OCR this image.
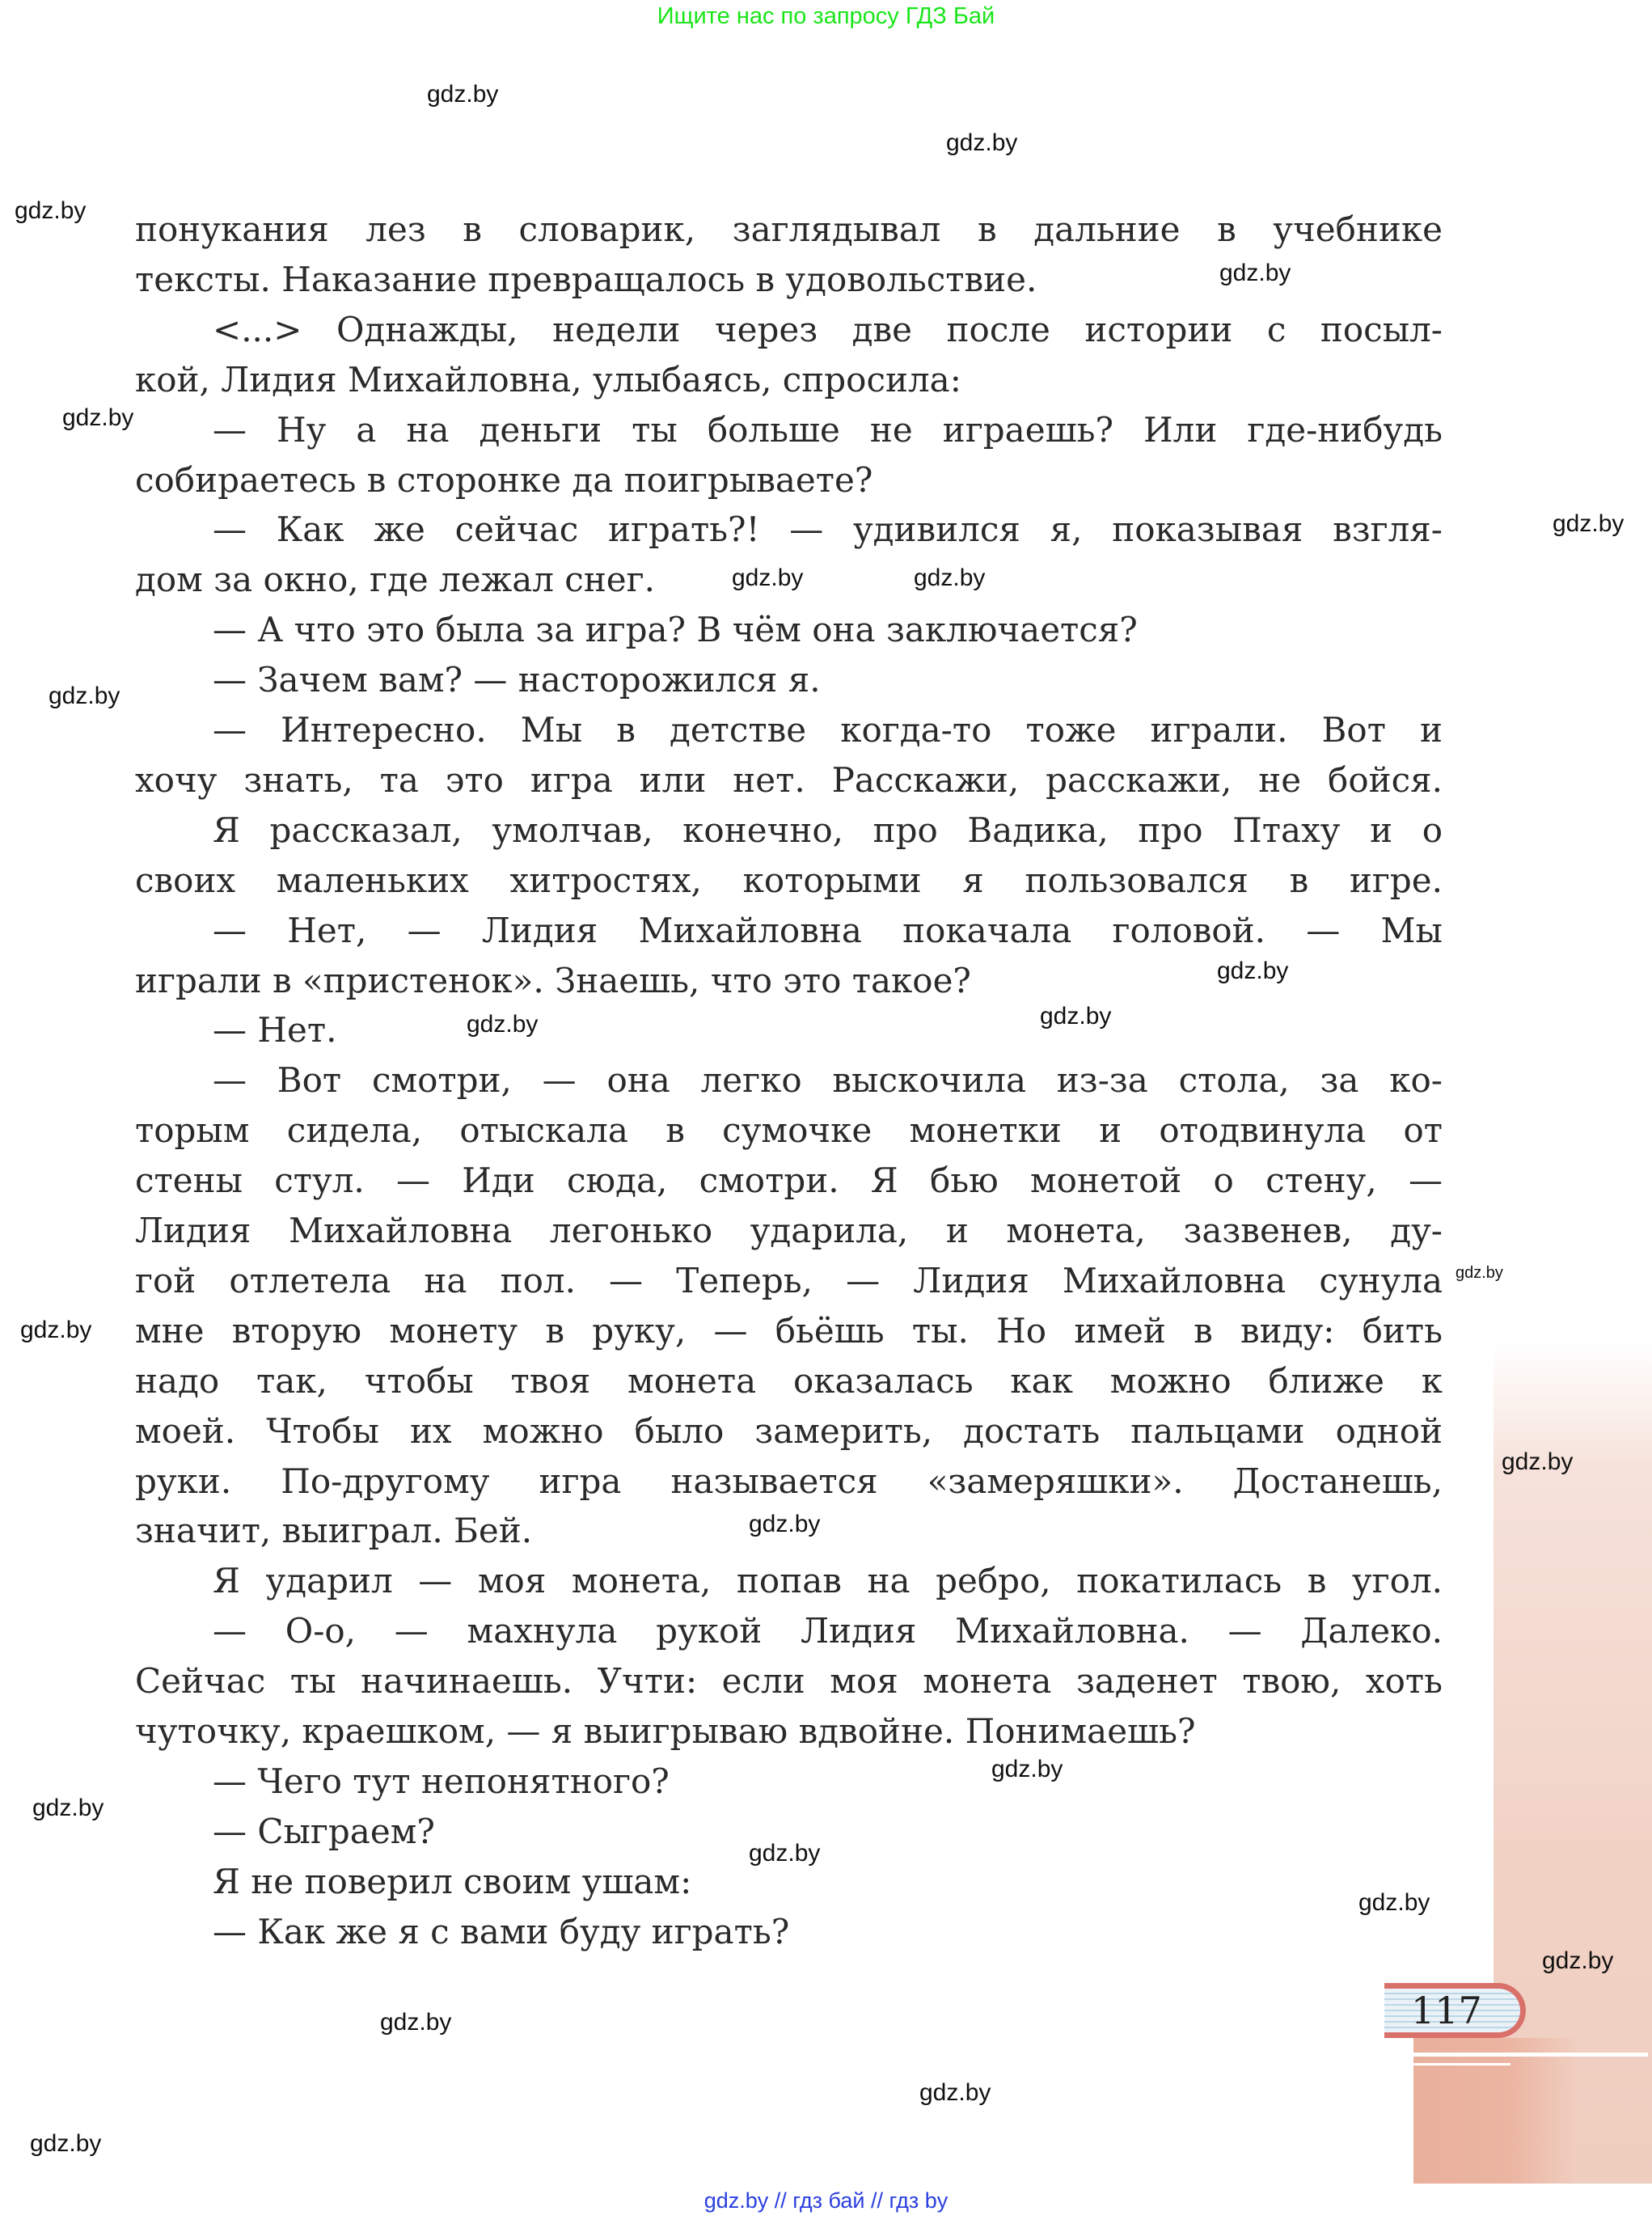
Ищите нас по запросу ГДЗ Бай
117
понукания лез в словарик, заглядывал в дальние в учебнике
тексты. Наказание превращалось в удовольствие.
<...> Однажды, недели через две после истории с посыл-
кой, Лидия Михайловна, улыбаясь, спросила:
— Ну а на деньги ты больше не играешь? Или где-нибудь
собираетесь в сторонке да поигрываете?
— Как же сейчас играть?! — удивился я, показывая взгля-
дом за окно, где лежал снег.
— А что это была за игра? В чём она заключается?
— Зачем вам? — насторожился я.
— Интересно. Мы в детстве когда-то тоже играли. Вот и
хочу знать, та это игра или нет. Расскажи, расскажи, не бойся.
Я рассказал, умолчав, конечно, про Вадика, про Птаху и о
своих маленьких хитростях, которыми я пользовался в игре.
— Нет, — Лидия Михайловна покачала головой. — Мы
играли в «пристенок». Знаешь, что это такое?
— Нет.
— Вот смотри, — она легко выскочила из-за стола, за ко-
торым сидела, отыскала в сумочке монетки и отодвинула от
стены стул. — Иди сюда, смотри. Я бью монетой о стену, —
Лидия Михайловна легонько ударила, и монета, зазвенев, ду-
гой отлетела на пол. — Теперь, — Лидия Михайловна сунула
мне вторую монету в руку, — бьёшь ты. Но имей в виду: бить
надо так, чтобы твоя монета оказалась как можно ближе к
моей. Чтобы их можно было замерить, достать пальцами одной
руки. По-другому игра называется «замеряшки». Достанешь,
значит, выиграл. Бей.
Я ударил — моя монета, попав на ребро, покатилась в угол.
— О-о, — махнула рукой Лидия Михайловна. — Далеко.
Сейчас ты начинаешь. Учти: если моя монета заденет твою, хоть
чуточку, краешком, — я выигрываю вдвойне. Понимаешь?
— Чего тут непонятного?
— Сыграем?
Я не поверил своим ушам:
— Как же я с вами буду играть?
gdz.by
gdz.by
gdz.by
gdz.by
gdz.by
gdz.by
gdz.by	gdz.by
gdz.by
gdz.by
gdz.by
gdz.by
gdz.by
gdz.by
gdz.by
gdz.by
gdz.by
gdz.by
gdz.by
gdz.by
gdz.by
gdz.by
gdz.by
gdz.by
gdz.by // гдз бай // гдз by
